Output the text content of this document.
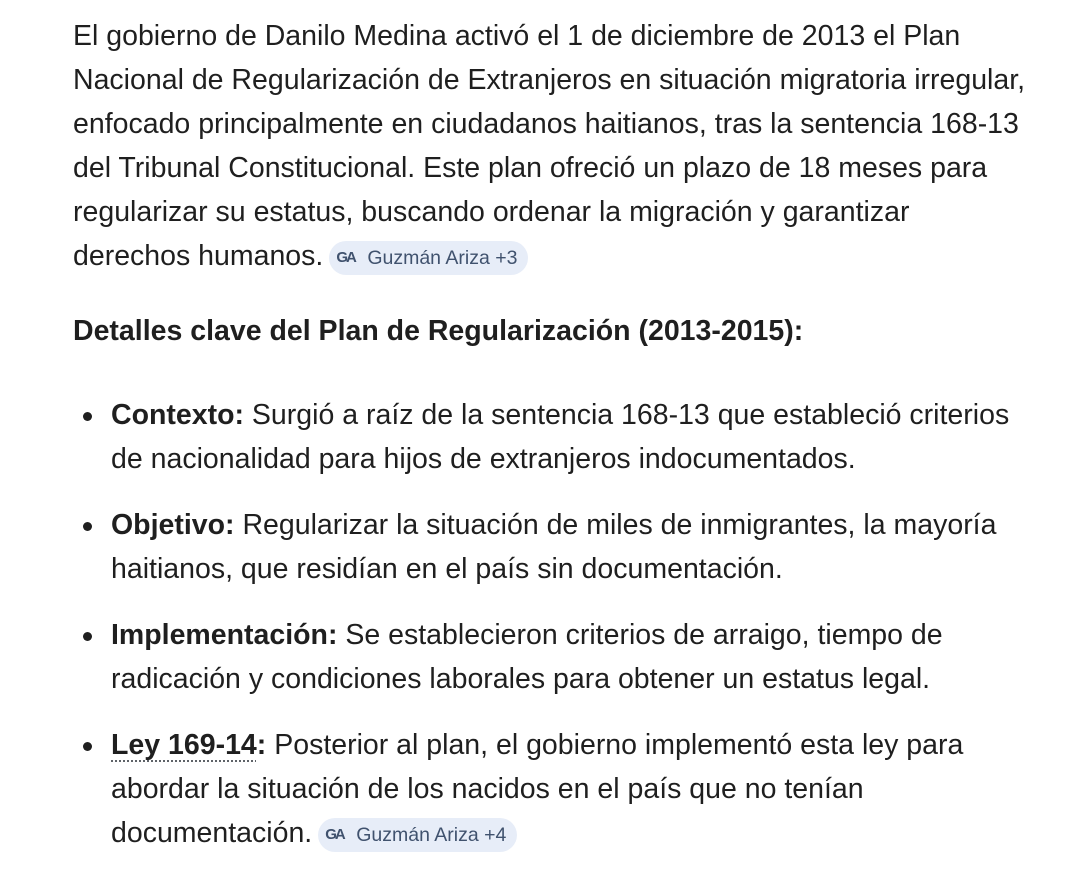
El gobierno de Danilo Medina activó el 1 de diciembre de 2013 el Plan Nacional de Regularización de Extranjeros en situación migratoria irregular, enfocado principalmente en ciudadanos haitianos, tras la sentencia 168-13 del Tribunal Constitucional. Este plan ofreció un plazo de 18 meses para regularizar su estatus, buscando ordenar la migración y garantizar derechos humanos. GA Guzmán Ariza +3

Detalles clave del Plan de Regularización (2013-2015):

Contexto: Surgió a raíz de la sentencia 168-13 que estableció criterios de nacionalidad para hijos de extranjeros indocumentados.
Objetivo: Regularizar la situación de miles de inmigrantes, la mayoría haitianos, que residían en el país sin documentación.
Implementación: Se establecieron criterios de arraigo, tiempo de radicación y condiciones laborales para obtener un estatus legal.
Ley 169-14: Posterior al plan, el gobierno implementó esta ley para abordar la situación de los nacidos en el país que no tenían documentación. GA Guzmán Ariza +4
